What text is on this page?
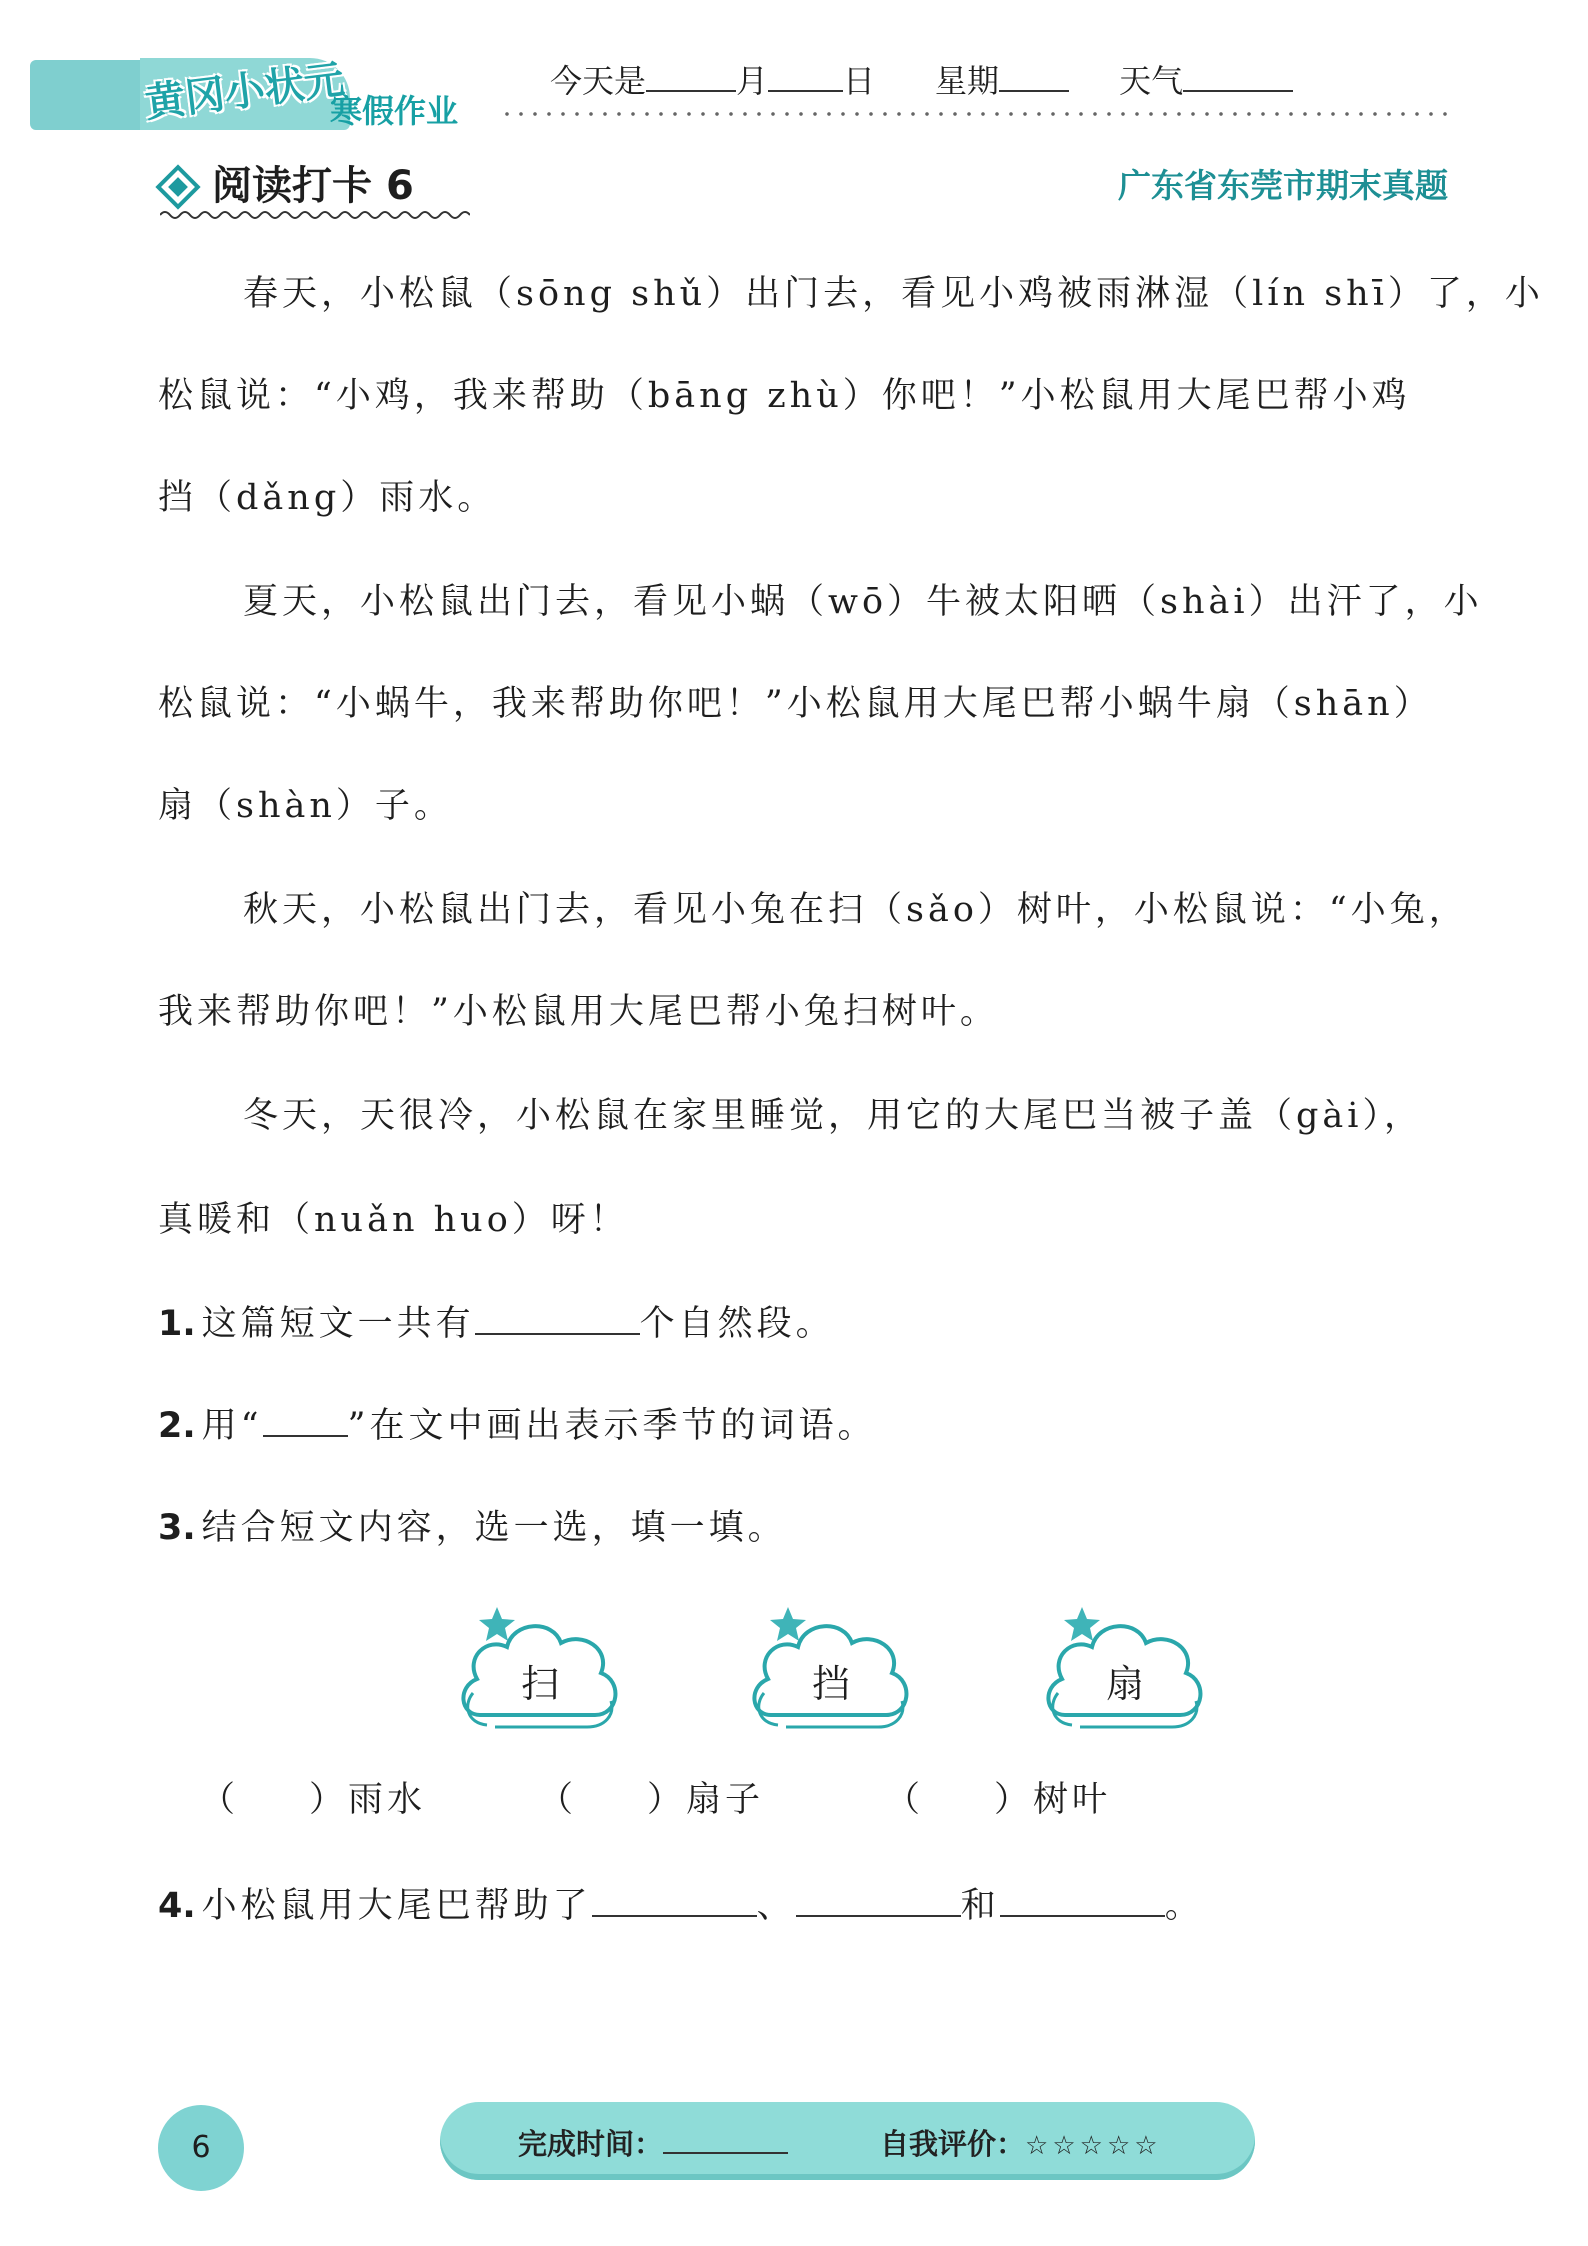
黄冈小状元
寒假作业
今天是	月 日 星期	天气
阅读打卡 6	广东省东莞市期末真题
春天，小松鼠（sōng shǔ）出门去，看见小鸡被雨淋湿（lín shī）了，小
松鼠说：“小鸡，我来帮助（bāng zhù）你吧！”小松鼠用大尾巴帮小鸡
挡（dǎng）雨水。
夏天，小松鼠出门去，看见小蜗（wō）牛被太阳晒（shài）出汗了，小
松鼠说：“小蜗牛，我来帮助你吧！”小松鼠用大尾巴帮小蜗牛扇（shān）
扇（shàn）子。
秋天，小松鼠出门去，看见小兔在扫（sǎo）树叶，小松鼠说：“小兔，
我来帮助你吧！”小松鼠用大尾巴帮小兔扫树叶。
冬天，天很冷，小松鼠在家里睡觉，用它的大尾巴当被子盖（gài），
真暖和（nuǎn huo）呀！
1. 这篇短文一共有	个自然段。
2. 用“ ”在文中画出表示季节的词语。
3. 结合短文内容，选一选，填一填。
扫	挡	扇
（ ）雨水	（ ）扇子	（ ）树叶
4. 小松鼠用大尾巴帮助了	、	和	。
6	完成时间：	自我评价：☆☆☆☆☆
